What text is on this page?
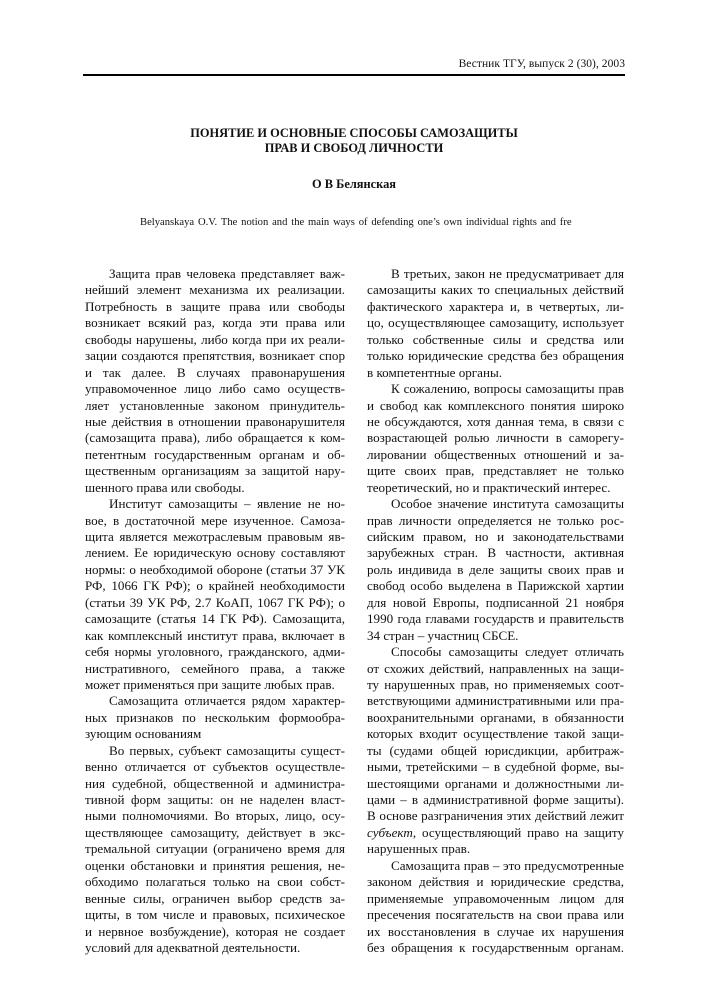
Вестник ТГУ, выпуск 2 (30), 2003
ПОНЯТИЕ И ОСНОВНЫЕ СПОСОБЫ САМОЗАЩИТЫ
ПРАВ И СВОБОД ЛИЧНОСТИ
О В Белянская
Belyanskaya O.V. The notion and the main ways of defending one’s own individual rights and fre
Защита прав человека представляет важ-
нейший элемент механизма их реализации.
Потребность в защите права или свободы
возникает всякий раз, когда эти права или
свободы нарушены, либо когда при их реали-
зации создаются препятствия, возникает спор
и так далее. В случаях правонарушения
управомоченное лицо либо само осуществ-
ляет установленные законом принудитель-
ные действия в отношении правонарушителя
(самозащита права), либо обращается к ком-
петентным государственным органам и об-
щественным организациям за защитой нару-
шенного права или свободы.
Институт самозащиты – явление не но-
вое, в достаточной мере изученное. Самоза-
щита является межотраслевым правовым яв-
лением. Ее юридическую основу составляют
нормы: о необходимой обороне (статьи 37 УК
РФ, 1066 ГК РФ); о крайней необходимости
(статьи 39 УК РФ, 2.7 КоАП, 1067 ГК РФ); о
самозащите (статья 14 ГК РФ). Самозащита,
как комплексный институт права, включает в
себя нормы уголовного, гражданского, адми-
нистративного, семейного права, а также
может применяться при защите любых прав.
Самозащита отличается рядом характер-
ных признаков по нескольким формообра-
зующим основаниям
Во первых, субъект самозащиты сущест-
венно отличается от субъектов осуществле-
ния судебной, общественной и администра-
тивной форм защиты: он не наделен власт-
ными полномочиями. Во вторых, лицо, осу-
ществляющее самозащиту, действует в экс-
тремальной ситуации (ограничено время для
оценки обстановки и принятия решения, не-
обходимо полагаться только на свои собст-
венные силы, ограничен выбор средств за-
щиты, в том числе и правовых, психическое
и нервное возбуждение), которая не создает
условий для адекватной деятельности.
В третьих, закон не предусматривает для
самозащиты каких то специальных действий
фактического характера и, в четвертых, ли-
цо, осуществляющее самозащиту, использует
только собственные силы и средства или
только юридические средства без обращения
в компетентные органы.
К сожалению, вопросы самозащиты прав
и свобод как комплексного понятия широко
не обсуждаются, хотя данная тема, в связи с
возрастающей ролью личности в саморегу-
лировании общественных отношений и за-
щите своих прав, представляет не только
теоретический, но и практический интерес.
Особое значение института самозащиты
прав личности определяется не только рос-
сийским правом, но и законодательствами
зарубежных стран. В частности, активная
роль индивида в деле защиты своих прав и
свобод особо выделена в Парижской хартии
для новой Европы, подписанной 21 ноября
1990 года главами государств и правительств
34 стран – участниц СБСЕ.
Способы самозащиты следует отличать
от схожих действий, направленных на защи-
ту нарушенных прав, но применяемых соот-
ветствующими административными или пра-
воохранительными органами, в обязанности
которых входит осуществление такой защи-
ты (судами общей юрисдикции, арбитраж-
ными, третейскими – в судебной форме, вы-
шестоящими органами и должностными ли-
цами – в административной форме защиты).
В основе разграничения этих действий лежит
субъект, осуществляющий право на защиту
нарушенных прав.
Самозащита прав – это предусмотренные
законом действия и юридические средства,
применяемые управомоченным лицом для
пресечения посягательств на свои права или
их восстановления в случае их нарушения
без обращения к государственным органам.
